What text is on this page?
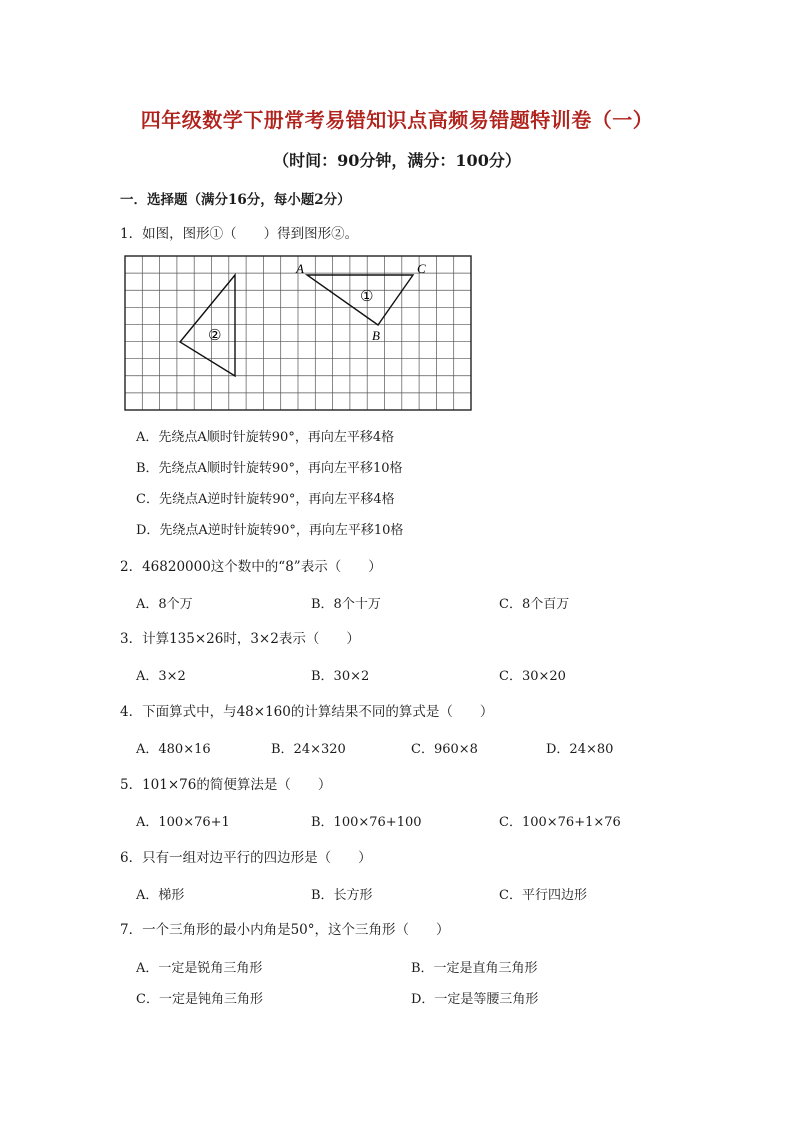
四年级数学下册常考易错知识点高频易错题特训卷（一）
（时间：90分钟，满分：100分）
一．选择题（满分16分，每小题2分）
1．如图，图形①（　　）得到图形②。
A	C
B
①
②
A．先绕点A顺时针旋转90°，再向左平移4格
B．先绕点A顺时针旋转90°，再向左平移10格
C．先绕点A逆时针旋转90°，再向左平移4格
D．先绕点A逆时针旋转90°，再向左平移10格
2．46820000这个数中的“8”表示（　　）
A．8个万	B．8个十万	C．8个百万
3．计算135×26时，3×2表示（　　）
A．3×2	B．30×2	C．30×20
4．下面算式中，与48×160的计算结果不同的算式是（　　）
A．480×16	B．24×320	C．960×8	D．24×80
5．101×76的简便算法是（　　）
A．100×76+1	B．100×76+100	C．100×76+1×76
6．只有一组对边平行的四边形是（　　）
A．梯形	B．长方形	C．平行四边形
7．一个三角形的最小内角是50°，这个三角形（　　）
A．一定是锐角三角形	B．一定是直角三角形
C．一定是钝角三角形	D．一定是等腰三角形
